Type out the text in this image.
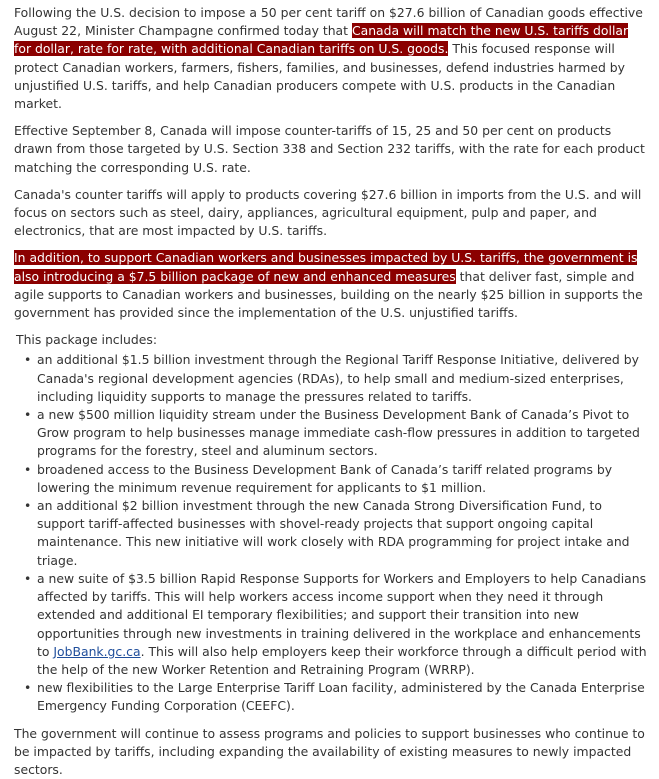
Following the U.S. decision to impose a 50 per cent tariff on $27.6 billion of Canadian goods effective August 22, Minister Champagne confirmed today that Canada will match the new U.S. tariffs dollar for dollar, rate for rate, with additional Canadian tariffs on U.S. goods. This focused response will protect Canadian workers, farmers, fishers, families, and businesses, defend industries harmed by unjustified U.S. tariffs, and help Canadian producers compete with U.S. products in the Canadian market.

Effective September 8, Canada will impose counter-tariffs of 15, 25 and 50 per cent on products drawn from those targeted by U.S. Section 338 and Section 232 tariffs, with the rate for each product matching the corresponding U.S. rate.

Canada's counter tariffs will apply to products covering $27.6 billion in imports from the U.S. and will focus on sectors such as steel, dairy, appliances, agricultural equipment, pulp and paper, and electronics, that are most impacted by U.S. tariffs.

In addition, to support Canadian workers and businesses impacted by U.S. tariffs, the government is also introducing a $7.5 billion package of new and enhanced measures that deliver fast, simple and agile supports to Canadian workers and businesses, building on the nearly $25 billion in supports the government has provided since the implementation of the U.S. unjustified tariffs.

This package includes:
• an additional $1.5 billion investment through the Regional Tariff Response Initiative, delivered by Canada's regional development agencies (RDAs), to help small and medium-sized enterprises, including liquidity supports to manage the pressures related to tariffs.
• a new $500 million liquidity stream under the Business Development Bank of Canada’s Pivot to Grow program to help businesses manage immediate cash-flow pressures in addition to targeted programs for the forestry, steel and aluminum sectors.
• broadened access to the Business Development Bank of Canada’s tariff related programs by lowering the minimum revenue requirement for applicants to $1 million.
• an additional $2 billion investment through the new Canada Strong Diversification Fund, to support tariff-affected businesses with shovel-ready projects that support ongoing capital maintenance. This new initiative will work closely with RDA programming for project intake and triage.
• a new suite of $3.5 billion Rapid Response Supports for Workers and Employers to help Canadians affected by tariffs. This will help workers access income support when they need it through extended and additional EI temporary flexibilities; and support their transition into new opportunities through new investments in training delivered in the workplace and enhancements to JobBank.gc.ca. This will also help employers keep their workforce through a difficult period with the help of the new Worker Retention and Retraining Program (WRRP).
• new flexibilities to the Large Enterprise Tariff Loan facility, administered by the Canada Enterprise Emergency Funding Corporation (CEEFC).

The government will continue to assess programs and policies to support businesses who continue to be impacted by tariffs, including expanding the availability of existing measures to newly impacted sectors.
